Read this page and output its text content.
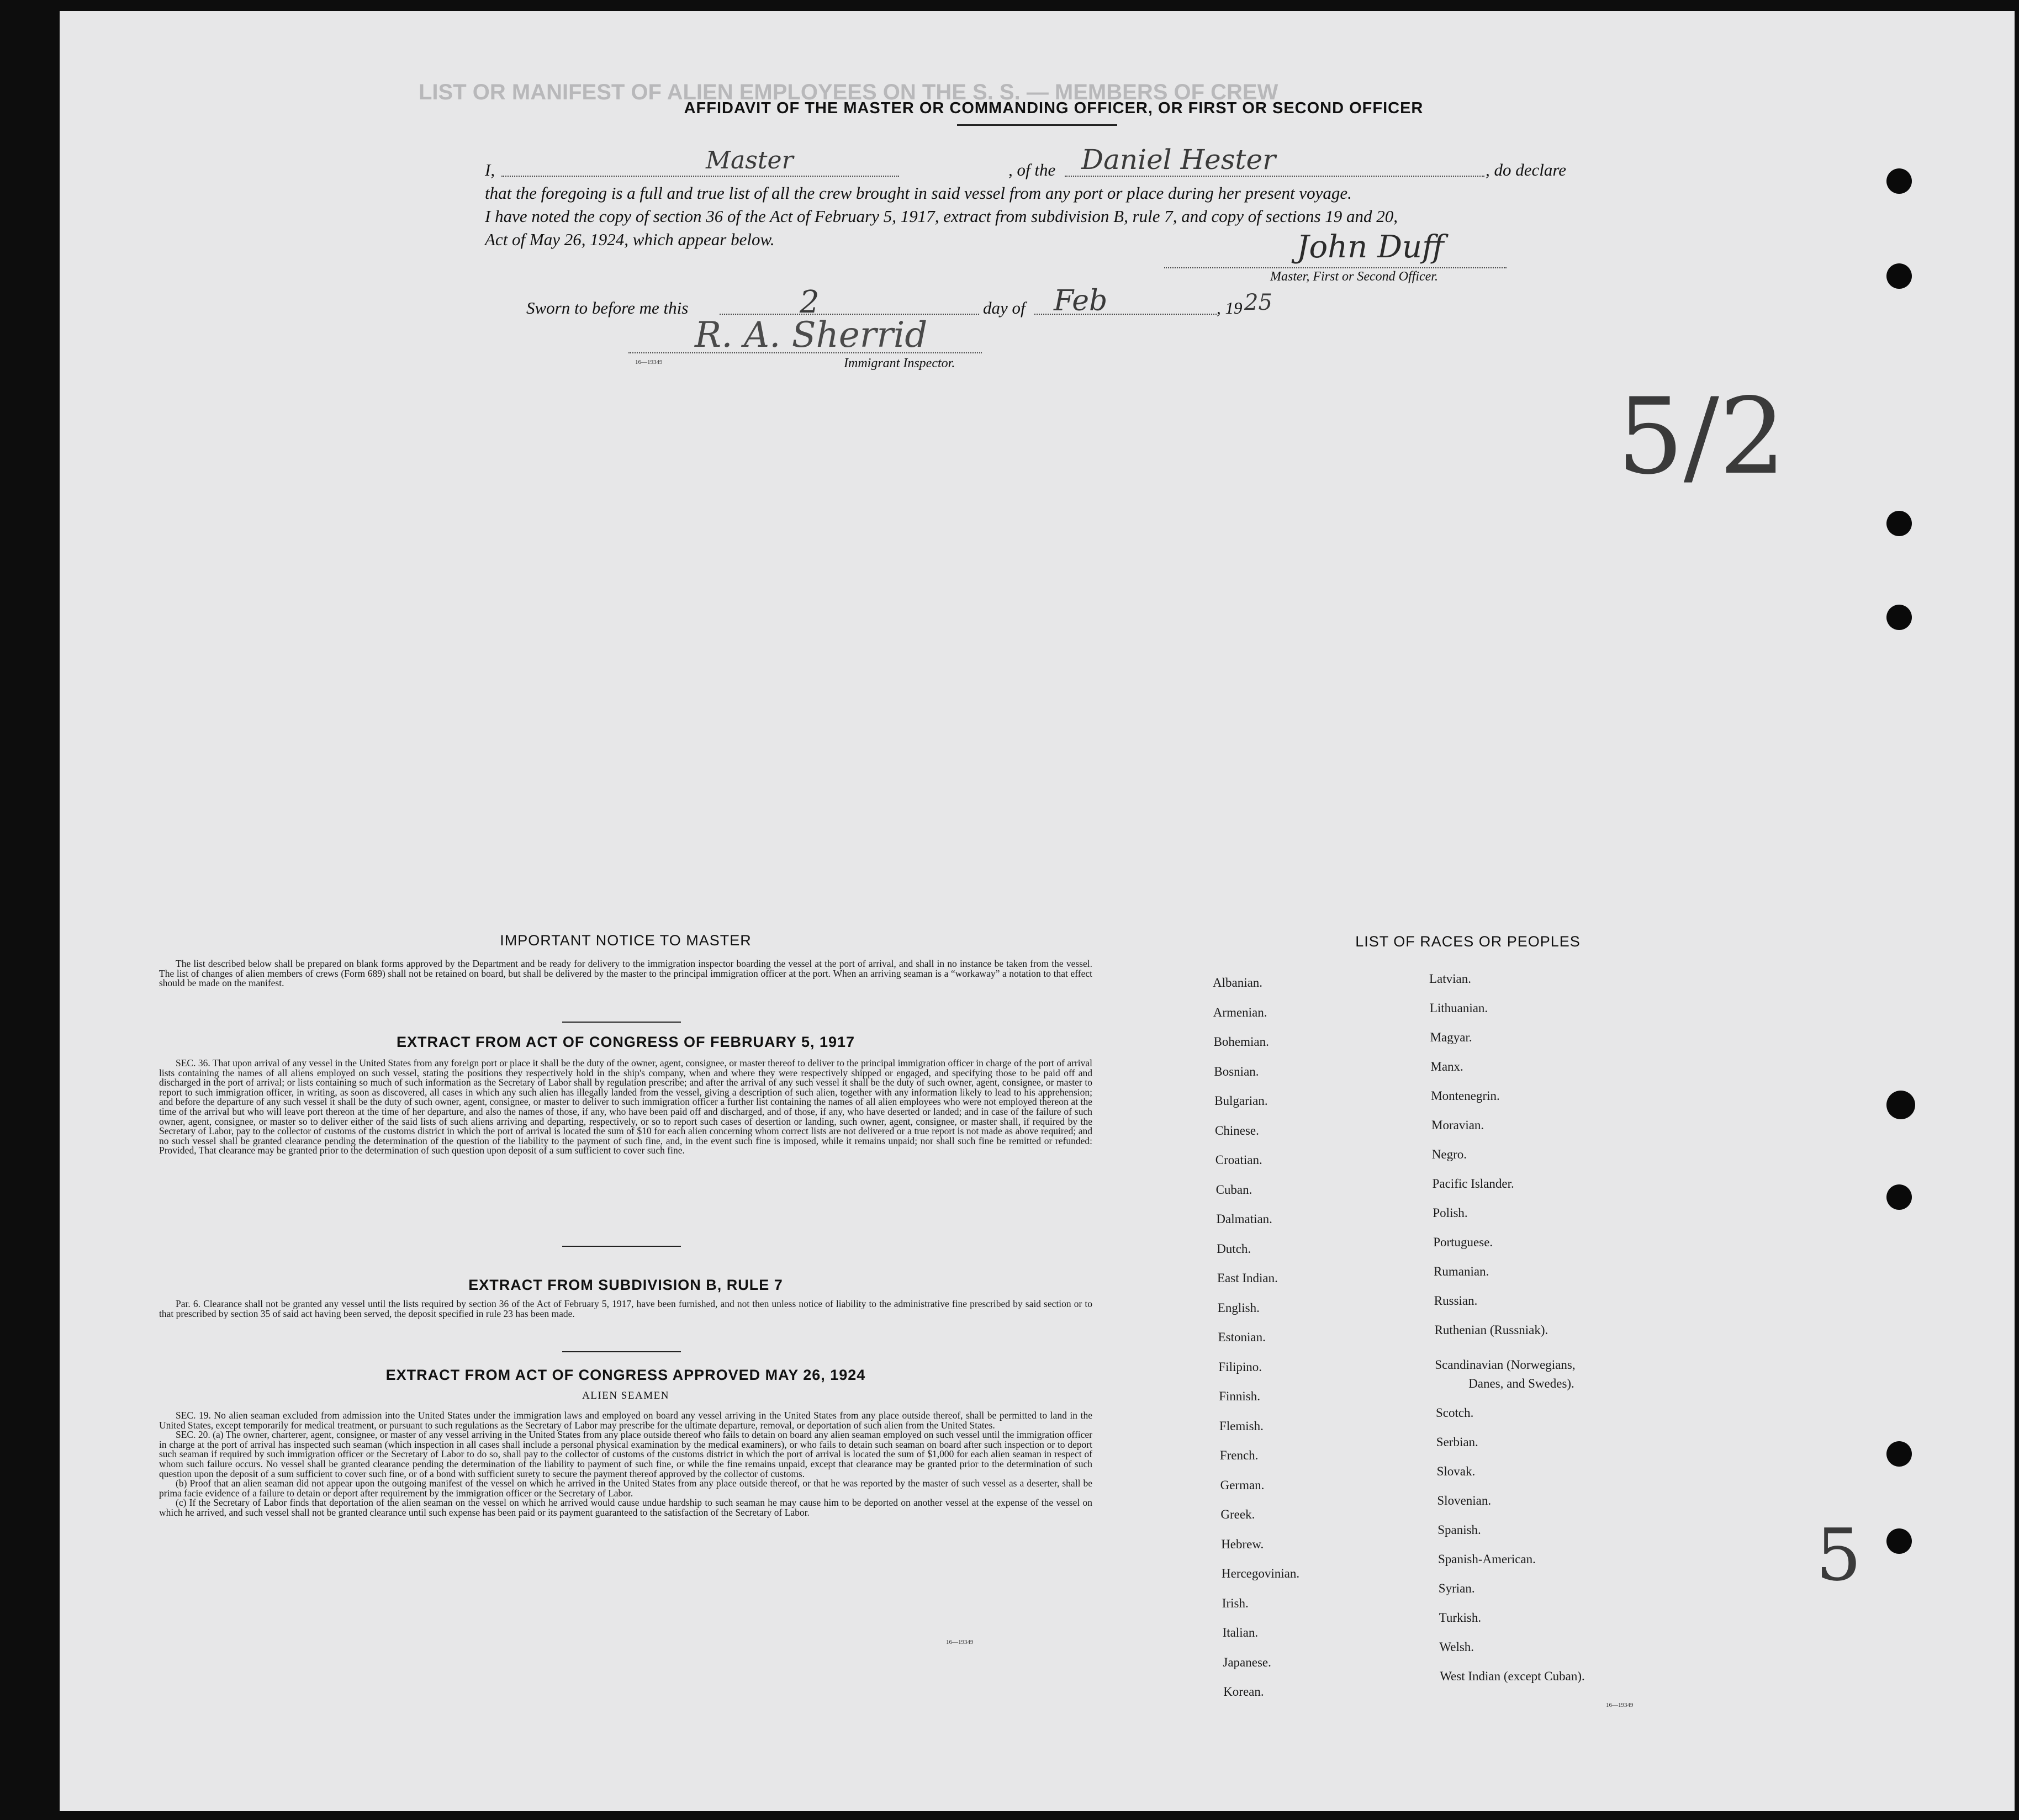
LIST OR MANIFEST OF ALIEN EMPLOYEES ON THE S. S. — MEMBERS OF CREW
AFFIDAVIT OF THE MASTER OR COMMANDING OFFICER, OR FIRST OR SECOND OFFICER
I,	Master	, of the Daniel Hester	, do declare
that the foregoing is a full and true list of all the crew brought in said vessel from any port or place during her present voyage.
I have noted the copy of section 36 of the Act of February 5, 1917, extract from subdivision B, rule 7, and copy of sections 19 and 20,
Act of May 26, 1924, which appear below.	John Duff
Master, First or Second Officer.
Sworn to before me this	2	day of Feb	, 19 25
R. A. Sherrid
16—19349	Immigrant Inspector.
5/2
IMPORTANT NOTICE TO MASTER
The list described below shall be prepared on blank forms approved by the Department and be ready for delivery to the immigration inspector boarding the vessel at the port of arrival, and shall in no instance be taken from the vessel. The list of changes of alien members of crews (Form 689) shall not be retained on board, but shall be delivered by the master to the principal immigration officer at the port. When an arriving seaman is a “workaway” a notation to that effect should be made on the manifest.
EXTRACT FROM ACT OF CONGRESS OF FEBRUARY 5, 1917
SEC. 36. That upon arrival of any vessel in the United States from any foreign port or place it shall be the duty of the owner, agent, consignee, or master thereof to deliver to the principal immigration officer in charge of the port of arrival lists containing the names of all aliens employed on such vessel, stating the positions they respectively hold in the ship's company, when and where they were respectively shipped or engaged, and specifying those to be paid off and discharged in the port of arrival; or lists containing so much of such information as the Secretary of Labor shall by regulation prescribe; and after the arrival of any such vessel it shall be the duty of such owner, agent, consignee, or master to report to such immigration officer, in writing, as soon as discovered, all cases in which any such alien has illegally landed from the vessel, giving a description of such alien, together with any information likely to lead to his apprehension; and before the departure of any such vessel it shall be the duty of such owner, agent, consignee, or master to deliver to such immigration officer a further list containing the names of all alien employees who were not employed thereon at the time of the arrival but who will leave port thereon at the time of her departure, and also the names of those, if any, who have been paid off and discharged, and of those, if any, who have deserted or landed; and in case of the failure of such owner, agent, consignee, or master so to deliver either of the said lists of such aliens arriving and departing, respectively, or so to report such cases of desertion or landing, such owner, agent, consignee, or master shall, if required by the Secretary of Labor, pay to the collector of customs of the customs district in which the port of arrival is located the sum of $10 for each alien concerning whom correct lists are not delivered or a true report is not made as above required; and no such vessel shall be granted clearance pending the determination of the question of the liability to the payment of such fine, and, in the event such fine is imposed, while it remains unpaid; nor shall such fine be remitted or refunded: Provided, That clearance may be granted prior to the determination of such question upon deposit of a sum sufficient to cover such fine.
EXTRACT FROM SUBDIVISION B, RULE 7
Par. 6. Clearance shall not be granted any vessel until the lists required by section 36 of the Act of February 5, 1917, have been furnished, and not then unless notice of liability to the administrative fine prescribed by said section or to that prescribed by section 35 of said act having been served, the deposit specified in rule 23 has been made.
EXTRACT FROM ACT OF CONGRESS APPROVED MAY 26, 1924
ALIEN SEAMEN
SEC. 19. No alien seaman excluded from admission into the United States under the immigration laws and employed on board any vessel arriving in the United States from any place outside thereof, shall be permitted to land in the United States, except temporarily for medical treatment, or pursuant to such regulations as the Secretary of Labor may prescribe for the ultimate departure, removal, or deportation of such alien from the United States.
SEC. 20. (a) The owner, charterer, agent, consignee, or master of any vessel arriving in the United States from any place outside thereof who fails to detain on board any alien seaman employed on such vessel until the immigration officer in charge at the port of arrival has inspected such seaman (which inspection in all cases shall include a personal physical examination by the medical examiners), or who fails to detain such seaman on board after such inspection or to deport such seaman if required by such immigration officer or the Secretary of Labor to do so, shall pay to the collector of customs of the customs district in which the port of arrival is located the sum of $1,000 for each alien seaman in respect of whom such failure occurs. No vessel shall be granted clearance pending the determination of the liability to payment of such fine, or while the fine remains unpaid, except that clearance may be granted prior to the determination of such question upon the deposit of a sum sufficient to cover such fine, or of a bond with sufficient surety to secure the payment thereof approved by the collector of customs.
(b) Proof that an alien seaman did not appear upon the outgoing manifest of the vessel on which he arrived in the United States from any place outside thereof, or that he was reported by the master of such vessel as a deserter, shall be prima facie evidence of a failure to detain or deport after requirement by the immigration officer or the Secretary of Labor.
(c) If the Secretary of Labor finds that deportation of the alien seaman on the vessel on which he arrived would cause undue hardship to such seaman he may cause him to be deported on another vessel at the expense of the vessel on which he arrived, and such vessel shall not be granted clearance until such expense has been paid or its payment guaranteed to the satisfaction of the Secretary of Labor.
16—19349
LIST OF RACES OR PEOPLES
16—19349
5
Albanian.
Armenian.
Bohemian.
Bosnian.
Bulgarian.
Chinese.
Croatian.
Cuban.
Dalmatian.
Dutch.
East Indian.
English.
Estonian.
Filipino.
Finnish.
Flemish.
French.
German.
Greek.
Hebrew.
Hercegovinian.
Irish.
Italian.
Japanese.
Korean.
Latvian.
Lithuanian.
Magyar.
Manx.
Montenegrin.
Moravian.
Negro.
Pacific Islander.
Polish.
Portuguese.
Rumanian.
Russian.
Ruthenian (Russniak).
Scandinavian (Norwegians,
Danes, and Swedes).
Scotch.
Serbian.
Slovak.
Slovenian.
Spanish.
Spanish-American.
Syrian.
Turkish.
Welsh.
West Indian (except Cuban).
